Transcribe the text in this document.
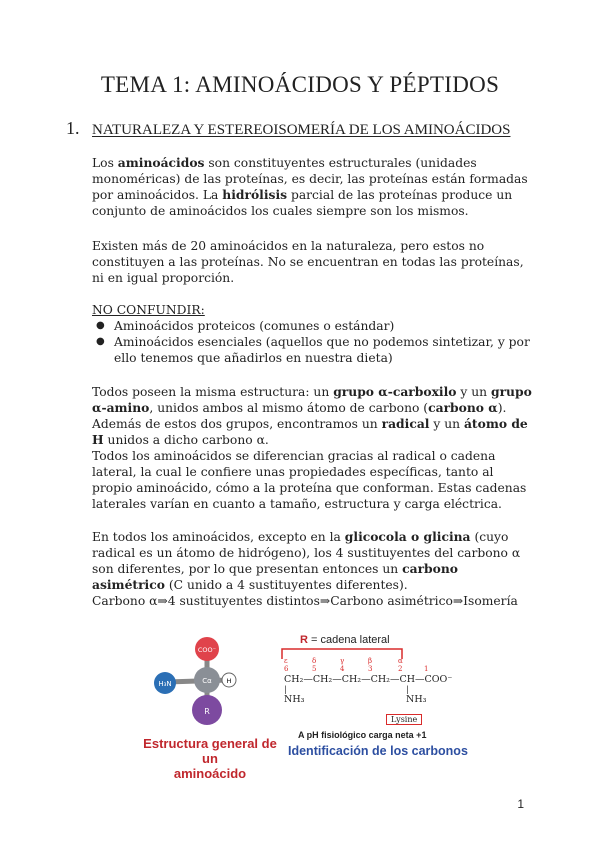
TEMA 1: AMINOÁCIDOS Y PÉPTIDOS
1. NATURALEZA Y ESTEREOISOMERÍA DE LOS AMINOÁCIDOS

Los aminoácidos son constituyentes estructurales (unidades monoméricas) de las proteínas, es decir, las proteínas están formadas por aminoácidos. La hidrólisis parcial de las proteínas produce un conjunto de aminoácidos los cuales siempre son los mismos.

Existen más de 20 aminoácidos en la naturaleza, pero estos no constituyen a las proteínas. No se encuentran en todas las proteínas, ni en igual proporción.

NO CONFUNDIR:

● Aminoácidos proteicos (comunes o estándar)
● Aminoácidos esenciales (aquellos que no podemos sintetizar, y por ello tenemos que añadirlos en nuestra dieta)

Todos poseen la misma estructura: un grupo α-carboxilo y un grupo α-amino, unidos ambos al mismo átomo de carbono (carbono α). Además de estos dos grupos, encontramos un radical y un átomo de H unidos a dicho carbono α.

Todos los aminoácidos se diferencian gracias al radical o cadena lateral, la cual le confiere unas propiedades específicas, tanto al propio aminoácido, cómo a la proteína que conforman. Estas cadenas laterales varían en cuanto a tamaño, estructura y carga eléctrica.

En todos los aminoácidos, excepto en la glicocola o glicina (cuyo radical es un átomo de hidrógeno), los 4 sustituyentes del carbono α son diferentes, por lo que presentan entonces un carbono asimétrico (C unido a 4 sustituyentes diferentes).

Carbono α⇒4 sustituyentes distintos⇒Carbono asimétrico⇒Isomería

COO⁻
H₃N	Cα H
R
Estructura general de un
aminoácido
R = cadena lateral
ε	δ	γ	β	α
6	5	4	3	2	1
CH₂—CH₂—CH₂—CH₂—CH—COO⁻
|
NH₃
|
NH₃
Lysine
A pH fisiológico carga neta +1
Identificación de los carbonos
1
